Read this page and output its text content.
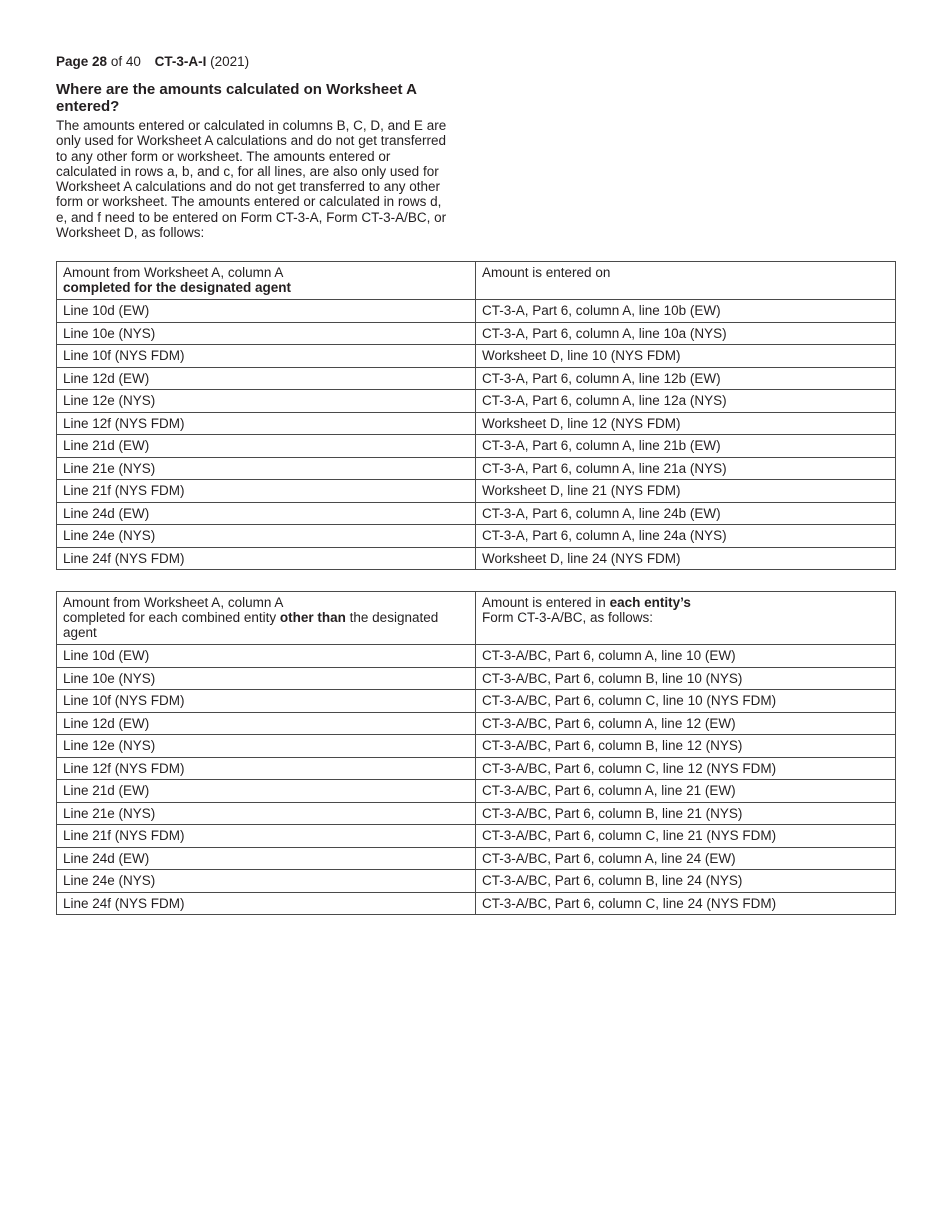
Page 28 of 40 CT-3-A-I (2021)
Where are the amounts calculated on Worksheet A entered?

The amounts entered or calculated in columns B, C, D, and E are only used for Worksheet A calculations and do not get transferred to any other form or worksheet. The amounts entered or calculated in rows a, b, and c, for all lines, are also only used for Worksheet A calculations and do not get transferred to any other form or worksheet. The amounts entered or calculated in rows d, e, and f need to be entered on Form CT-3-A, Form CT-3-A/BC, or Worksheet D, as follows:

Amount from Worksheet A, column A
completed for the designated agent	Amount is entered on
Line 10d (EW)	CT-3-A, Part 6, column A, line 10b (EW)
Line 10e (NYS)	CT-3-A, Part 6, column A, line 10a (NYS)
Line 10f (NYS FDM)	Worksheet D, line 10 (NYS FDM)
Line 12d (EW)	CT-3-A, Part 6, column A, line 12b (EW)
Line 12e (NYS)	CT-3-A, Part 6, column A, line 12a (NYS)
Line 12f (NYS FDM)	Worksheet D, line 12 (NYS FDM)
Line 21d (EW)	CT-3-A, Part 6, column A, line 21b (EW)
Line 21e (NYS)	CT-3-A, Part 6, column A, line 21a (NYS)
Line 21f (NYS FDM)	Worksheet D, line 21 (NYS FDM)
Line 24d (EW)	CT-3-A, Part 6, column A, line 24b (EW)
Line 24e (NYS)	CT-3-A, Part 6, column A, line 24a (NYS)
Line 24f (NYS FDM)	Worksheet D, line 24 (NYS FDM)
Amount from Worksheet A, column A
completed for each combined entity other than the designated agent	Amount is entered in each entity’s
Form CT-3-A/BC, as follows:
Line 10d (EW)	CT-3-A/BC, Part 6, column A, line 10 (EW)
Line 10e (NYS)	CT-3-A/BC, Part 6, column B, line 10 (NYS)
Line 10f (NYS FDM)	CT-3-A/BC, Part 6, column C, line 10 (NYS FDM)
Line 12d (EW)	CT-3-A/BC, Part 6, column A, line 12 (EW)
Line 12e (NYS)	CT-3-A/BC, Part 6, column B, line 12 (NYS)
Line 12f (NYS FDM)	CT-3-A/BC, Part 6, column C, line 12 (NYS FDM)
Line 21d (EW)	CT-3-A/BC, Part 6, column A, line 21 (EW)
Line 21e (NYS)	CT-3-A/BC, Part 6, column B, line 21 (NYS)
Line 21f (NYS FDM)	CT-3-A/BC, Part 6, column C, line 21 (NYS FDM)
Line 24d (EW)	CT-3-A/BC, Part 6, column A, line 24 (EW)
Line 24e (NYS)	CT-3-A/BC, Part 6, column B, line 24 (NYS)
Line 24f (NYS FDM)	CT-3-A/BC, Part 6, column C, line 24 (NYS FDM)
